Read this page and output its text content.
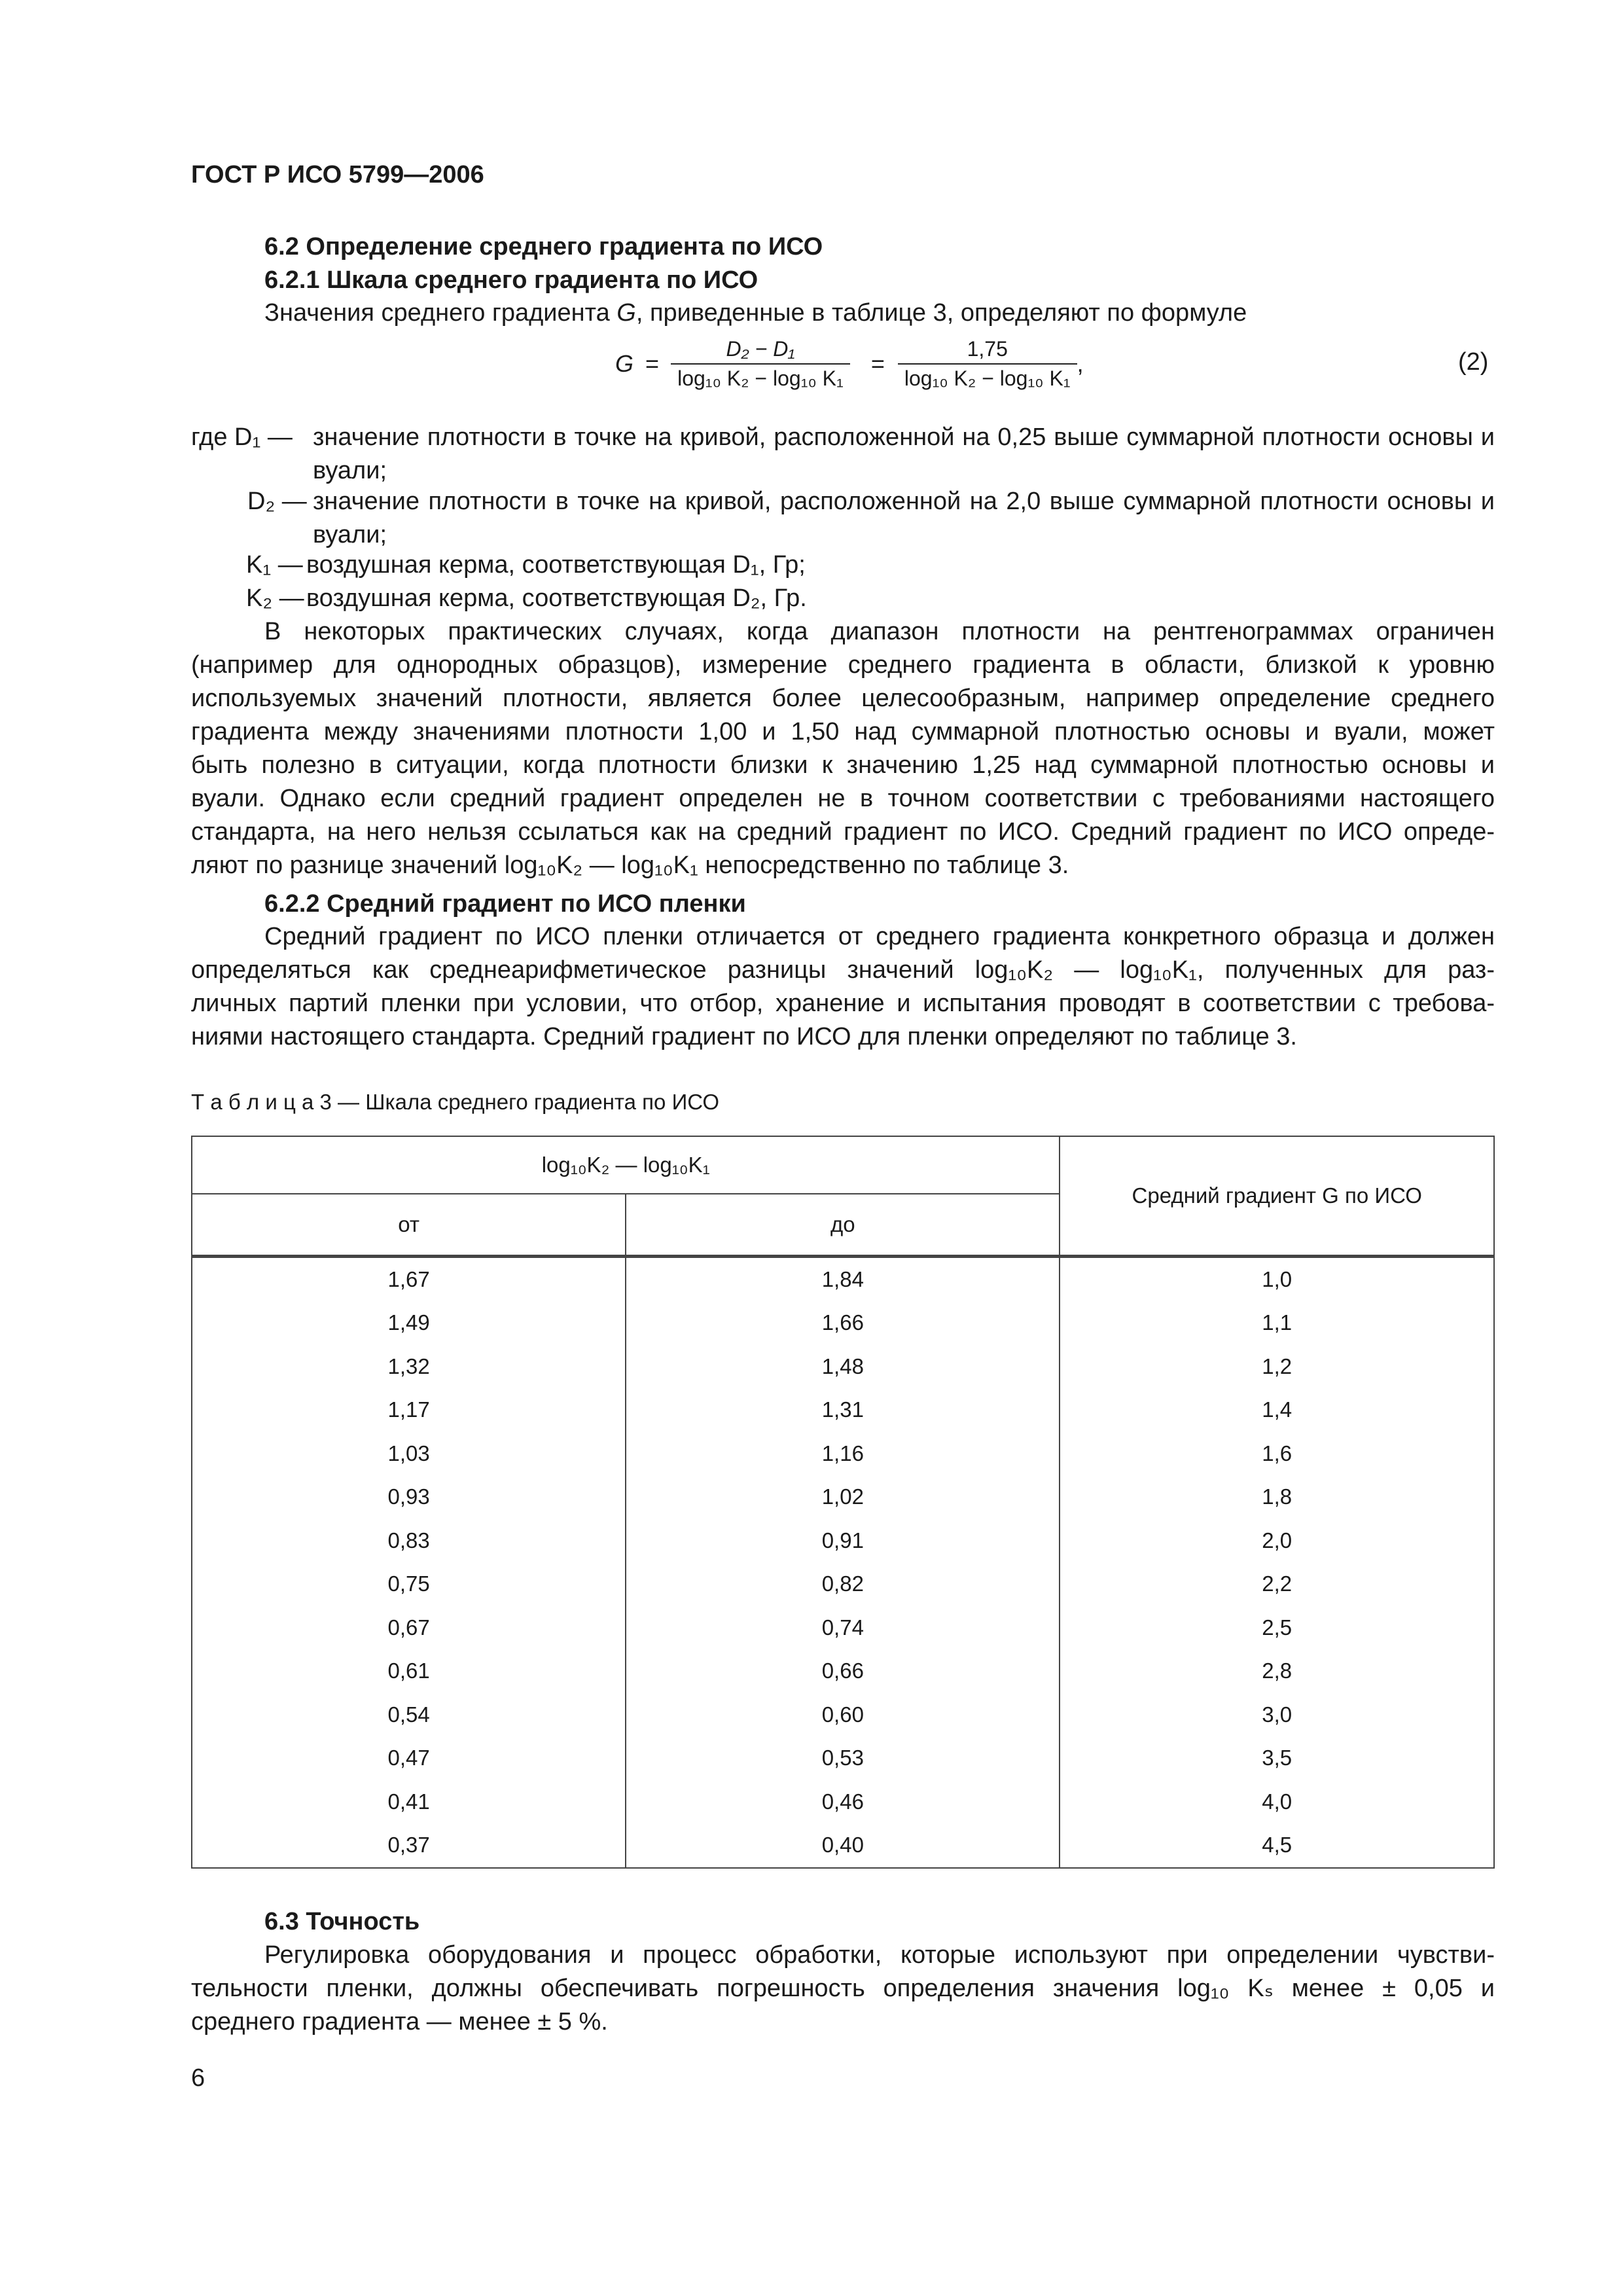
ГОСТ Р ИСО 5799—2006
6.2 Определение среднего градиента по ИСО
6.2.1 Шкала среднего градиента по ИСО
Значения среднего градиента G, приведенные в таблице 3, определяют по формуле
$G = \frac{\text{D₂ − D₁}}{\text{log₁₀ K₂ − log₁₀ K₁}} = \frac{1,75}{\text{log₁₀ K₂ − log₁₀ K₁}}$ ,	(2)
где D₁ — значение плотности в точке на кривой, расположенной на 0,25 выше суммарной плотности основы и вуали;
D₂ — значение плотности в точке на кривой, расположенной на 2,0 выше суммарной плотности основы и вуали;
K₁ — воздушная керма, соответствующая D₁, Гр;
K₂ — воздушная керма, соответствующая D₂, Гр.
В некоторых практических случаях, когда диапазон плотности на рентгенограммах ограничен
(например для однородных образцов), измерение среднего градиента в области, близкой к уровню
используемых значений плотности, является более целесообразным, например определение среднего
градиента между значениями плотности 1,00 и 1,50 над суммарной плотностью основы и вуали, может
быть полезно в ситуации, когда плотности близки к значению 1,25 над суммарной плотностью основы и
вуали. Однако если средний градиент определен не в точном соответствии с требованиями настоящего
стандарта, на него нельзя ссылаться как на средний градиент по ИСО. Средний градиент по ИСО опреде-
ляют по разнице значений log₁₀K₂ — log₁₀K₁ непосредственно по таблице 3.
6.2.2 Средний градиент по ИСО пленки
Средний градиент по ИСО пленки отличается от среднего градиента конкретного образца и должен
определяться как среднеарифметическое разницы значений log₁₀K₂ — log₁₀K₁, полученных для раз-
личных партий пленки при условии, что отбор, хранение и испытания проводят в соответствии с требова-
ниями настоящего стандарта. Средний градиент по ИСО для пленки определяют по таблице 3.
Т а б л и ц а 3 — Шкала среднего градиента по ИСО
log₁₀K₂ — log₁₀K₁		Средний градиент G по ИСО
от	до	
1,67	1,84	1,0
1,49	1,66	1,1
1,32	1,48	1,2
1,17	1,31	1,4
1,03	1,16	1,6
0,93	1,02	1,8
0,83	0,91	2,0
0,75	0,82	2,2
0,67	0,74	2,5
0,61	0,66	2,8
0,54	0,60	3,0
0,47	0,53	3,5
0,41	0,46	4,0
0,37	0,40	4,5
6.3 Точность
Регулировка оборудования и процесс обработки, которые используют при определении чувстви-
тельности пленки, должны обеспечивать погрешность определения значения log₁₀ Kₛ менее ± 0,05 и
среднего градиента — менее ± 5 %.
6
